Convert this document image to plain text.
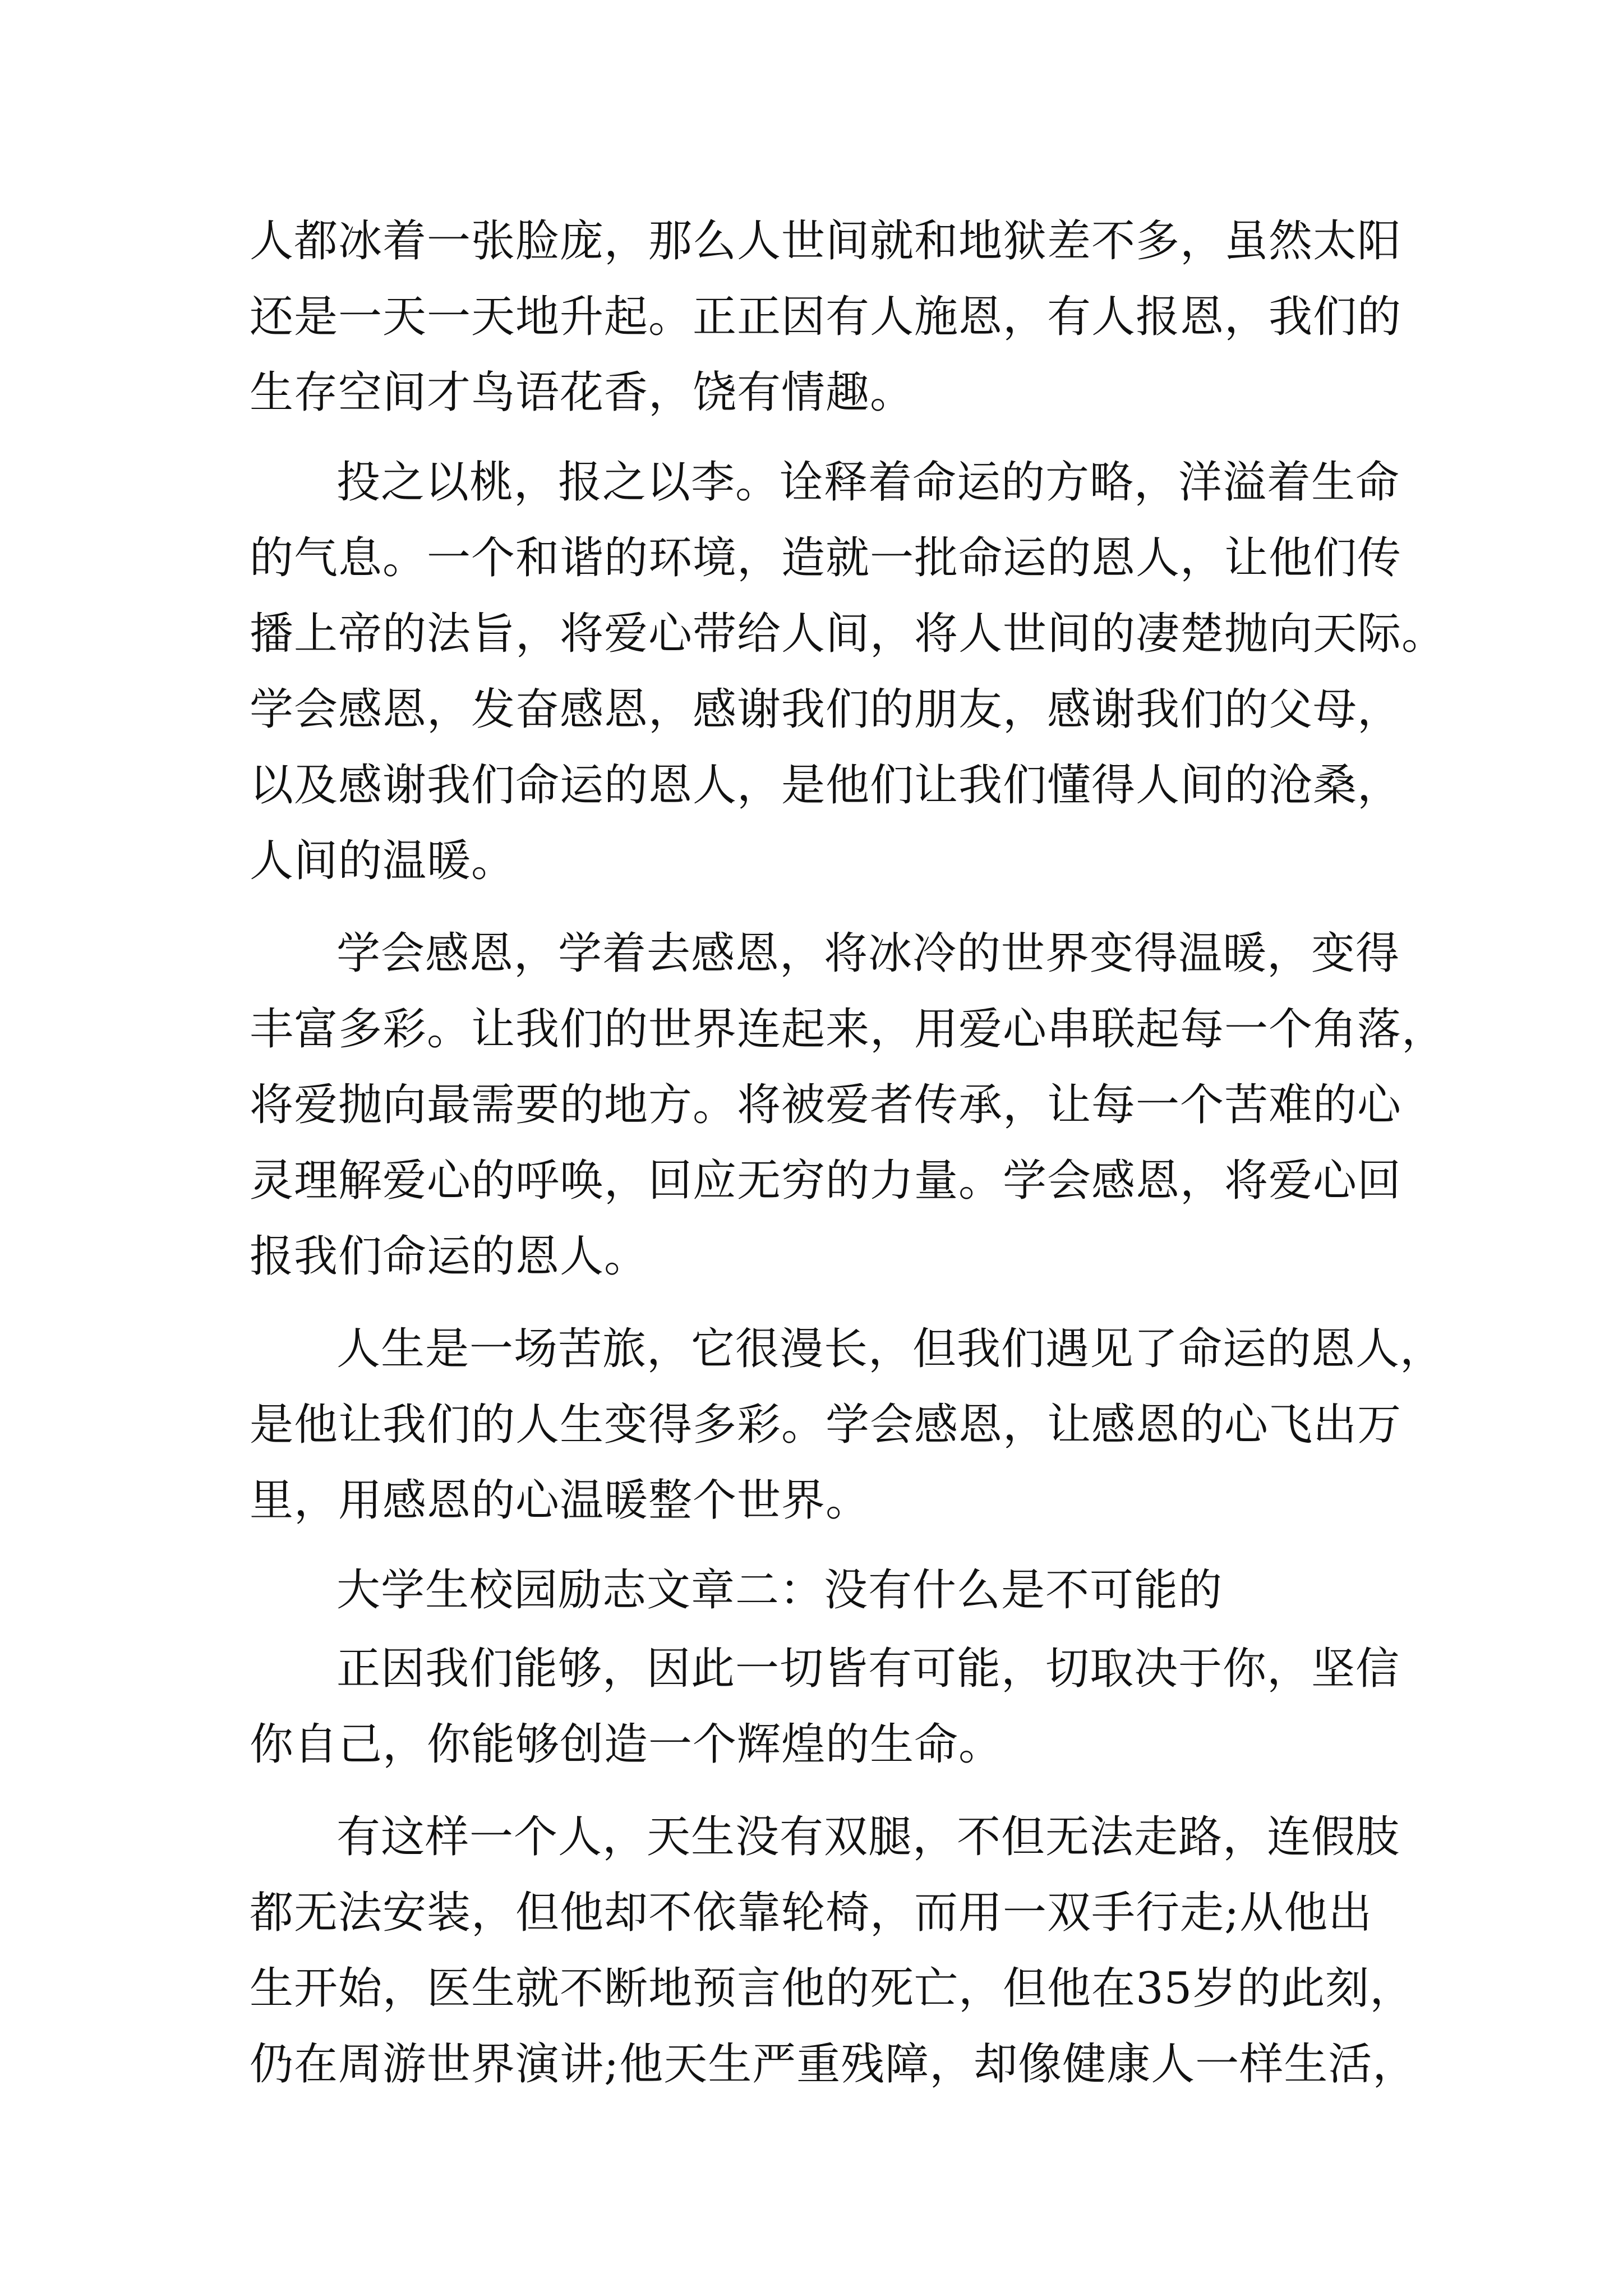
人都冰着一张脸庞，那么人世间就和地狱差不多，虽然太阳
还是一天一天地升起。正正因有人施恩，有人报恩，我们的
生存空间才鸟语花香，饶有情趣。
投之以桃，报之以李。诠释着命运的方略，洋溢着生命
的气息。一个和谐的环境，造就一批命运的恩人，让他们传
播上帝的法旨，将爱心带给人间，将人世间的凄楚抛向天际。
学会感恩，发奋感恩，感谢我们的朋友，感谢我们的父母，
以及感谢我们命运的恩人，是他们让我们懂得人间的沧桑，
人间的温暖。
学会感恩，学着去感恩，将冰冷的世界变得温暖，变得
丰富多彩。让我们的世界连起来，用爱心串联起每一个角落，
将爱抛向最需要的地方。将被爱者传承，让每一个苦难的心
灵理解爱心的呼唤，回应无穷的力量。学会感恩，将爱心回
报我们命运的恩人。
人生是一场苦旅，它很漫长，但我们遇见了命运的恩人，
是他让我们的人生变得多彩。学会感恩，让感恩的心飞出万
里，用感恩的心温暖整个世界。
大学生校园励志文章二：没有什么是不可能的
正因我们能够，因此一切皆有可能，切取决于你，坚信
你自己，你能够创造一个辉煌的生命。
有这样一个人，天生没有双腿，不但无法走路，连假肢
都无法安装，但他却不依靠轮椅，而用一双手行走;从他出
生开始，医生就不断地预言他的死亡，但他在35岁的此刻，
仍在周游世界演讲;他天生严重残障，却像健康人一样生活，
